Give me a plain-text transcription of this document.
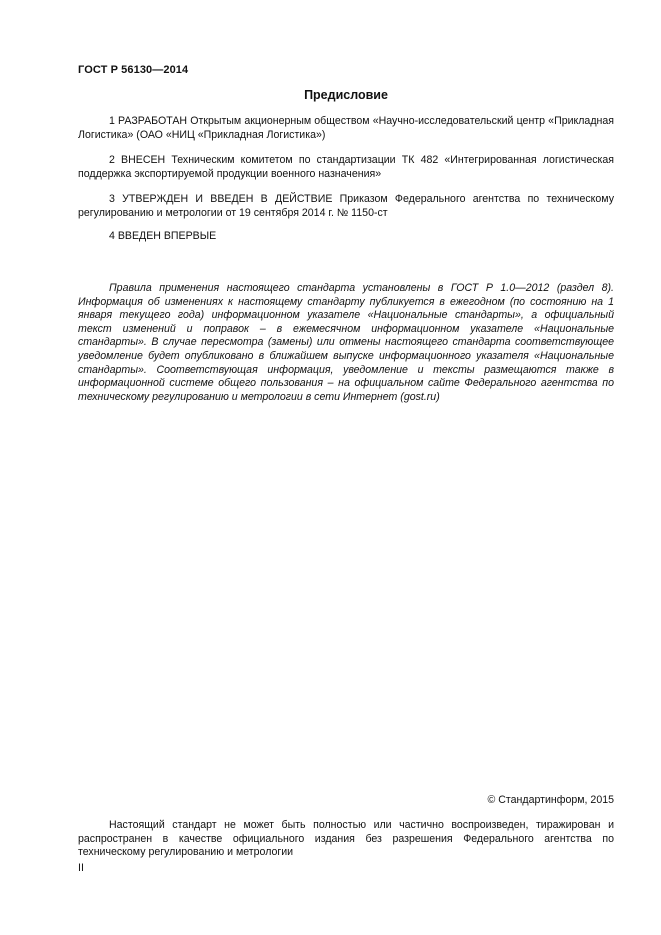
ГОСТ Р 56130—2014
Предисловие
1 РАЗРАБОТАН Открытым акционерным обществом «Научно-исследовательский центр «Прикладная Логистика» (ОАО «НИЦ «Прикладная Логистика»)
2 ВНЕСЕН Техническим комитетом по стандартизации ТК 482 «Интегрированная логистическая поддержка экспортируемой продукции военного назначения»
3 УТВЕРЖДЕН И ВВЕДЕН В ДЕЙСТВИЕ Приказом Федерального агентства по техническому регулированию и метрологии от 19 сентября 2014 г. № 1150-ст
4 ВВЕДЕН ВПЕРВЫЕ
Правила применения настоящего стандарта установлены в ГОСТ Р 1.0—2012 (раздел 8). Информация об изменениях к настоящему стандарту публикуется в ежегодном (по состоянию на 1 января текущего года) информационном указателе «Национальные стандарты», а официальный текст изменений и поправок – в ежемесячном информационном указателе «Национальные стандарты». В случае пересмотра (замены) или отмены настоящего стандарта соответствующее уведомление будет опубликовано в ближайшем выпуске информационного указателя «Национальные стандарты». Соответствующая информация, уведомление и тексты размещаются также в информационной системе общего пользования – на официальном сайте Федерального агентства по техническому регулированию и метрологии в сети Интернет (gost.ru)
© Стандартинформ, 2015
Настоящий стандарт не может быть полностью или частично воспроизведен, тиражирован и распространен в качестве официального издания без разрешения Федерального агентства по техническому регулированию и метрологии
II
